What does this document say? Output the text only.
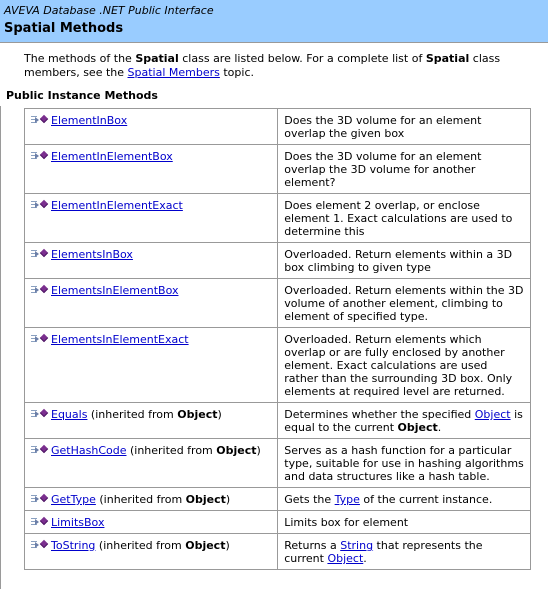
AVEVA Database .NET Public Interface
Spatial Methods
The methods of the Spatial class are listed below. For a complete list of Spatial class members, see the Spatial Members topic.
Public Instance Methods
ElementInBox	Does the 3D volume for an element overlap the given box

ElementInElementBox	Does the 3D volume for an element overlap the 3D volume for another element?

ElementInElementExact	Does element 2 overlap, or enclose element 1. Exact calculations are used to determine this

ElementsInBox	Overloaded. Return elements within a 3D box climbing to given type

ElementsInElementBox	Overloaded. Return elements within the 3D volume of another element, climbing to element of specified type.

ElementsInElementExact	Overloaded. Return elements which overlap or are fully enclosed by another element. Exact calculations are used rather than the surrounding 3D box. Only elements at required level are returned.

Equals (inherited from Object)	Determines whether the specified Object is equal to the current Object.

GetHashCode (inherited from Object)	Serves as a hash function for a particular type, suitable for use in hashing algorithms and data structures like a hash table.

GetType (inherited from Object)	Gets the Type of the current instance.

LimitsBox	Limits box for element

ToString (inherited from Object)	Returns a String that represents the current Object.
